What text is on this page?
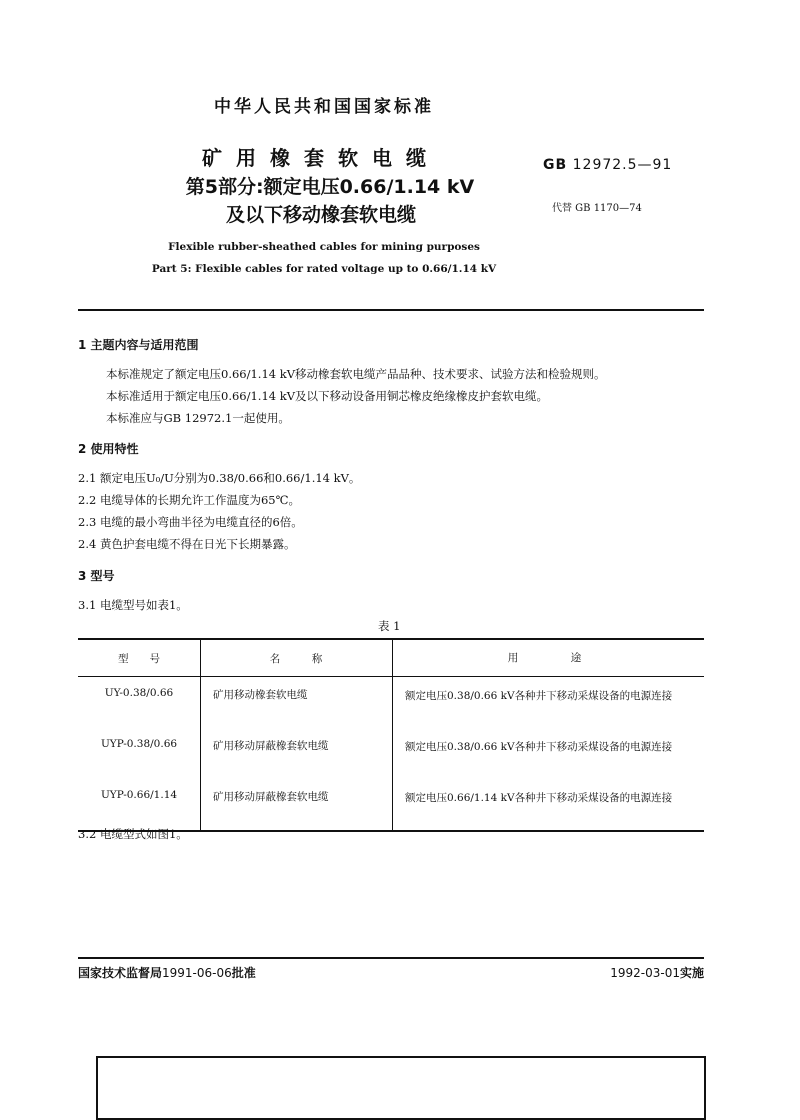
中华人民共和国国家标准
矿用橡套软电缆
第5部分:额定电压0.66/1.14 kV
及以下移动橡套软电缆
GB 12972.5—91
代替 GB 1170—74
Flexible rubber-sheathed cables for mining purposes
Part 5: Flexible cables for rated voltage up to 0.66/1.14 kV
1 主题内容与适用范围
本标准规定了额定电压0.66/1.14 kV移动橡套软电缆产品品种、技术要求、试验方法和检验规则。
本标准适用于额定电压0.66/1.14 kV及以下移动设备用铜芯橡皮绝缘橡皮护套软电缆。
本标准应与GB 12972.1一起使用。
2 使用特性
2.1 额定电压U₀/U分别为0.38/0.66和0.66/1.14 kV。
2.2 电缆导体的长期允许工作温度为65℃。
2.3 电缆的最小弯曲半径为电缆直径的6倍。
2.4 黄色护套电缆不得在日光下长期暴露。
3 型号
3.1 电缆型号如表1。
表 1
型　　号	名　　　称	用　　　　　途
UY-0.38/0.66	矿用移动橡套软电缆	额定电压0.38/0.66 kV各种井下移动采煤设备的电源连接
UYP-0.38/0.66	矿用移动屏蔽橡套软电缆	额定电压0.38/0.66 kV各种井下移动采煤设备的电源连接
UYP-0.66/1.14	矿用移动屏蔽橡套软电缆	额定电压0.66/1.14 kV各种井下移动采煤设备的电源连接
3.2 电缆型式如图1。
国家技术监督局1991-06-06批准	1992-03-01实施
